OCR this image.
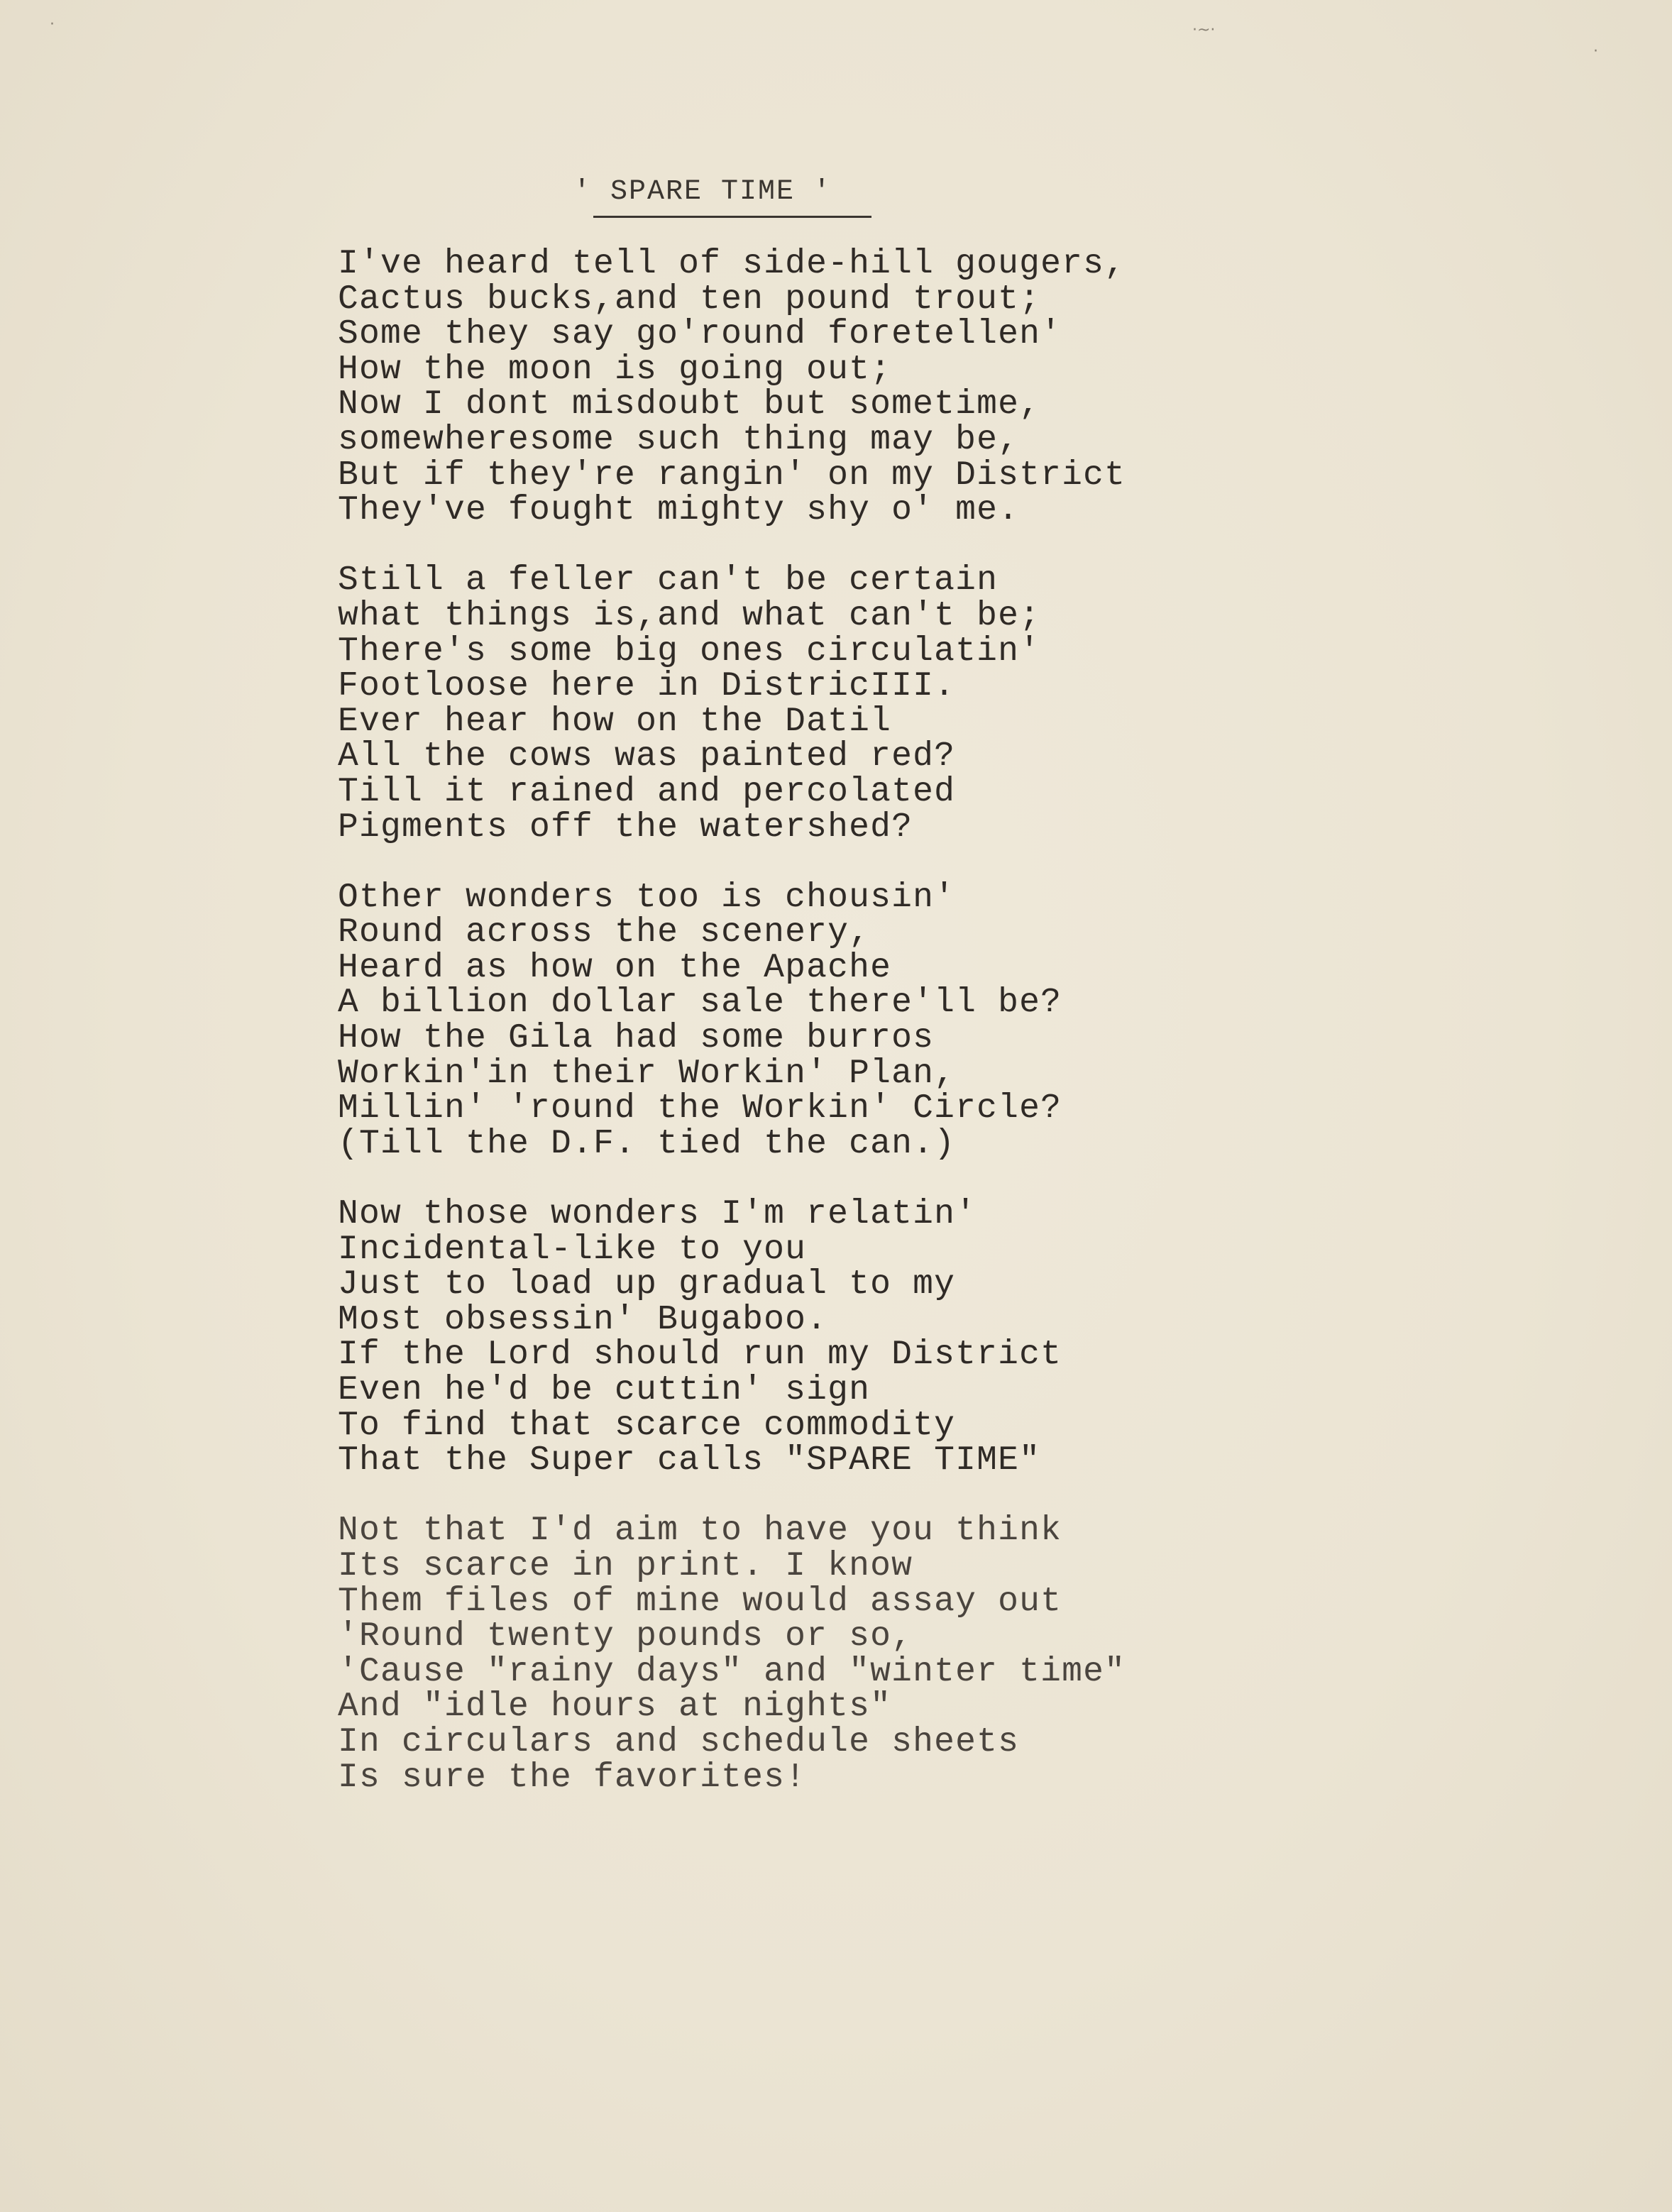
·	·~·
·
' SPARE TIME '
I've heard tell of side-hill gougers,
Cactus bucks,and ten pound trout;
Some they say go'round foretellen'
How the moon is going out;
Now I dont misdoubt but sometime,
somewheresome such thing may be,
But if they're rangin' on my District
They've fought mighty shy o' me.
Still a feller can't be certain
what things is,and what can't be;
There's some big ones circulatin'
Footloose here in DistricIII.
Ever hear how on the Datil
All the cows was painted red?
Till it rained and percolated
Pigments off the watershed?
Other wonders too is chousin'
Round across the scenery,
Heard as how on the Apache
A billion dollar sale there'll be?
How the Gila had some burros
Workin'in their Workin' Plan,
Millin' 'round the Workin' Circle?
(Till the D.F. tied the can.)
Now those wonders I'm relatin'
Incidental-like to you
Just to load up gradual to my
Most obsessin' Bugaboo.
If the Lord should run my District
Even he'd be cuttin' sign
To find that scarce commodity
That the Super calls "SPARE TIME"
Not that I'd aim to have you think
Its scarce in print. I know
Them files of mine would assay out
'Round twenty pounds or so,
'Cause "rainy days" and "winter time"
And "idle hours at nights"
In circulars and schedule sheets
Is sure the favorites!
